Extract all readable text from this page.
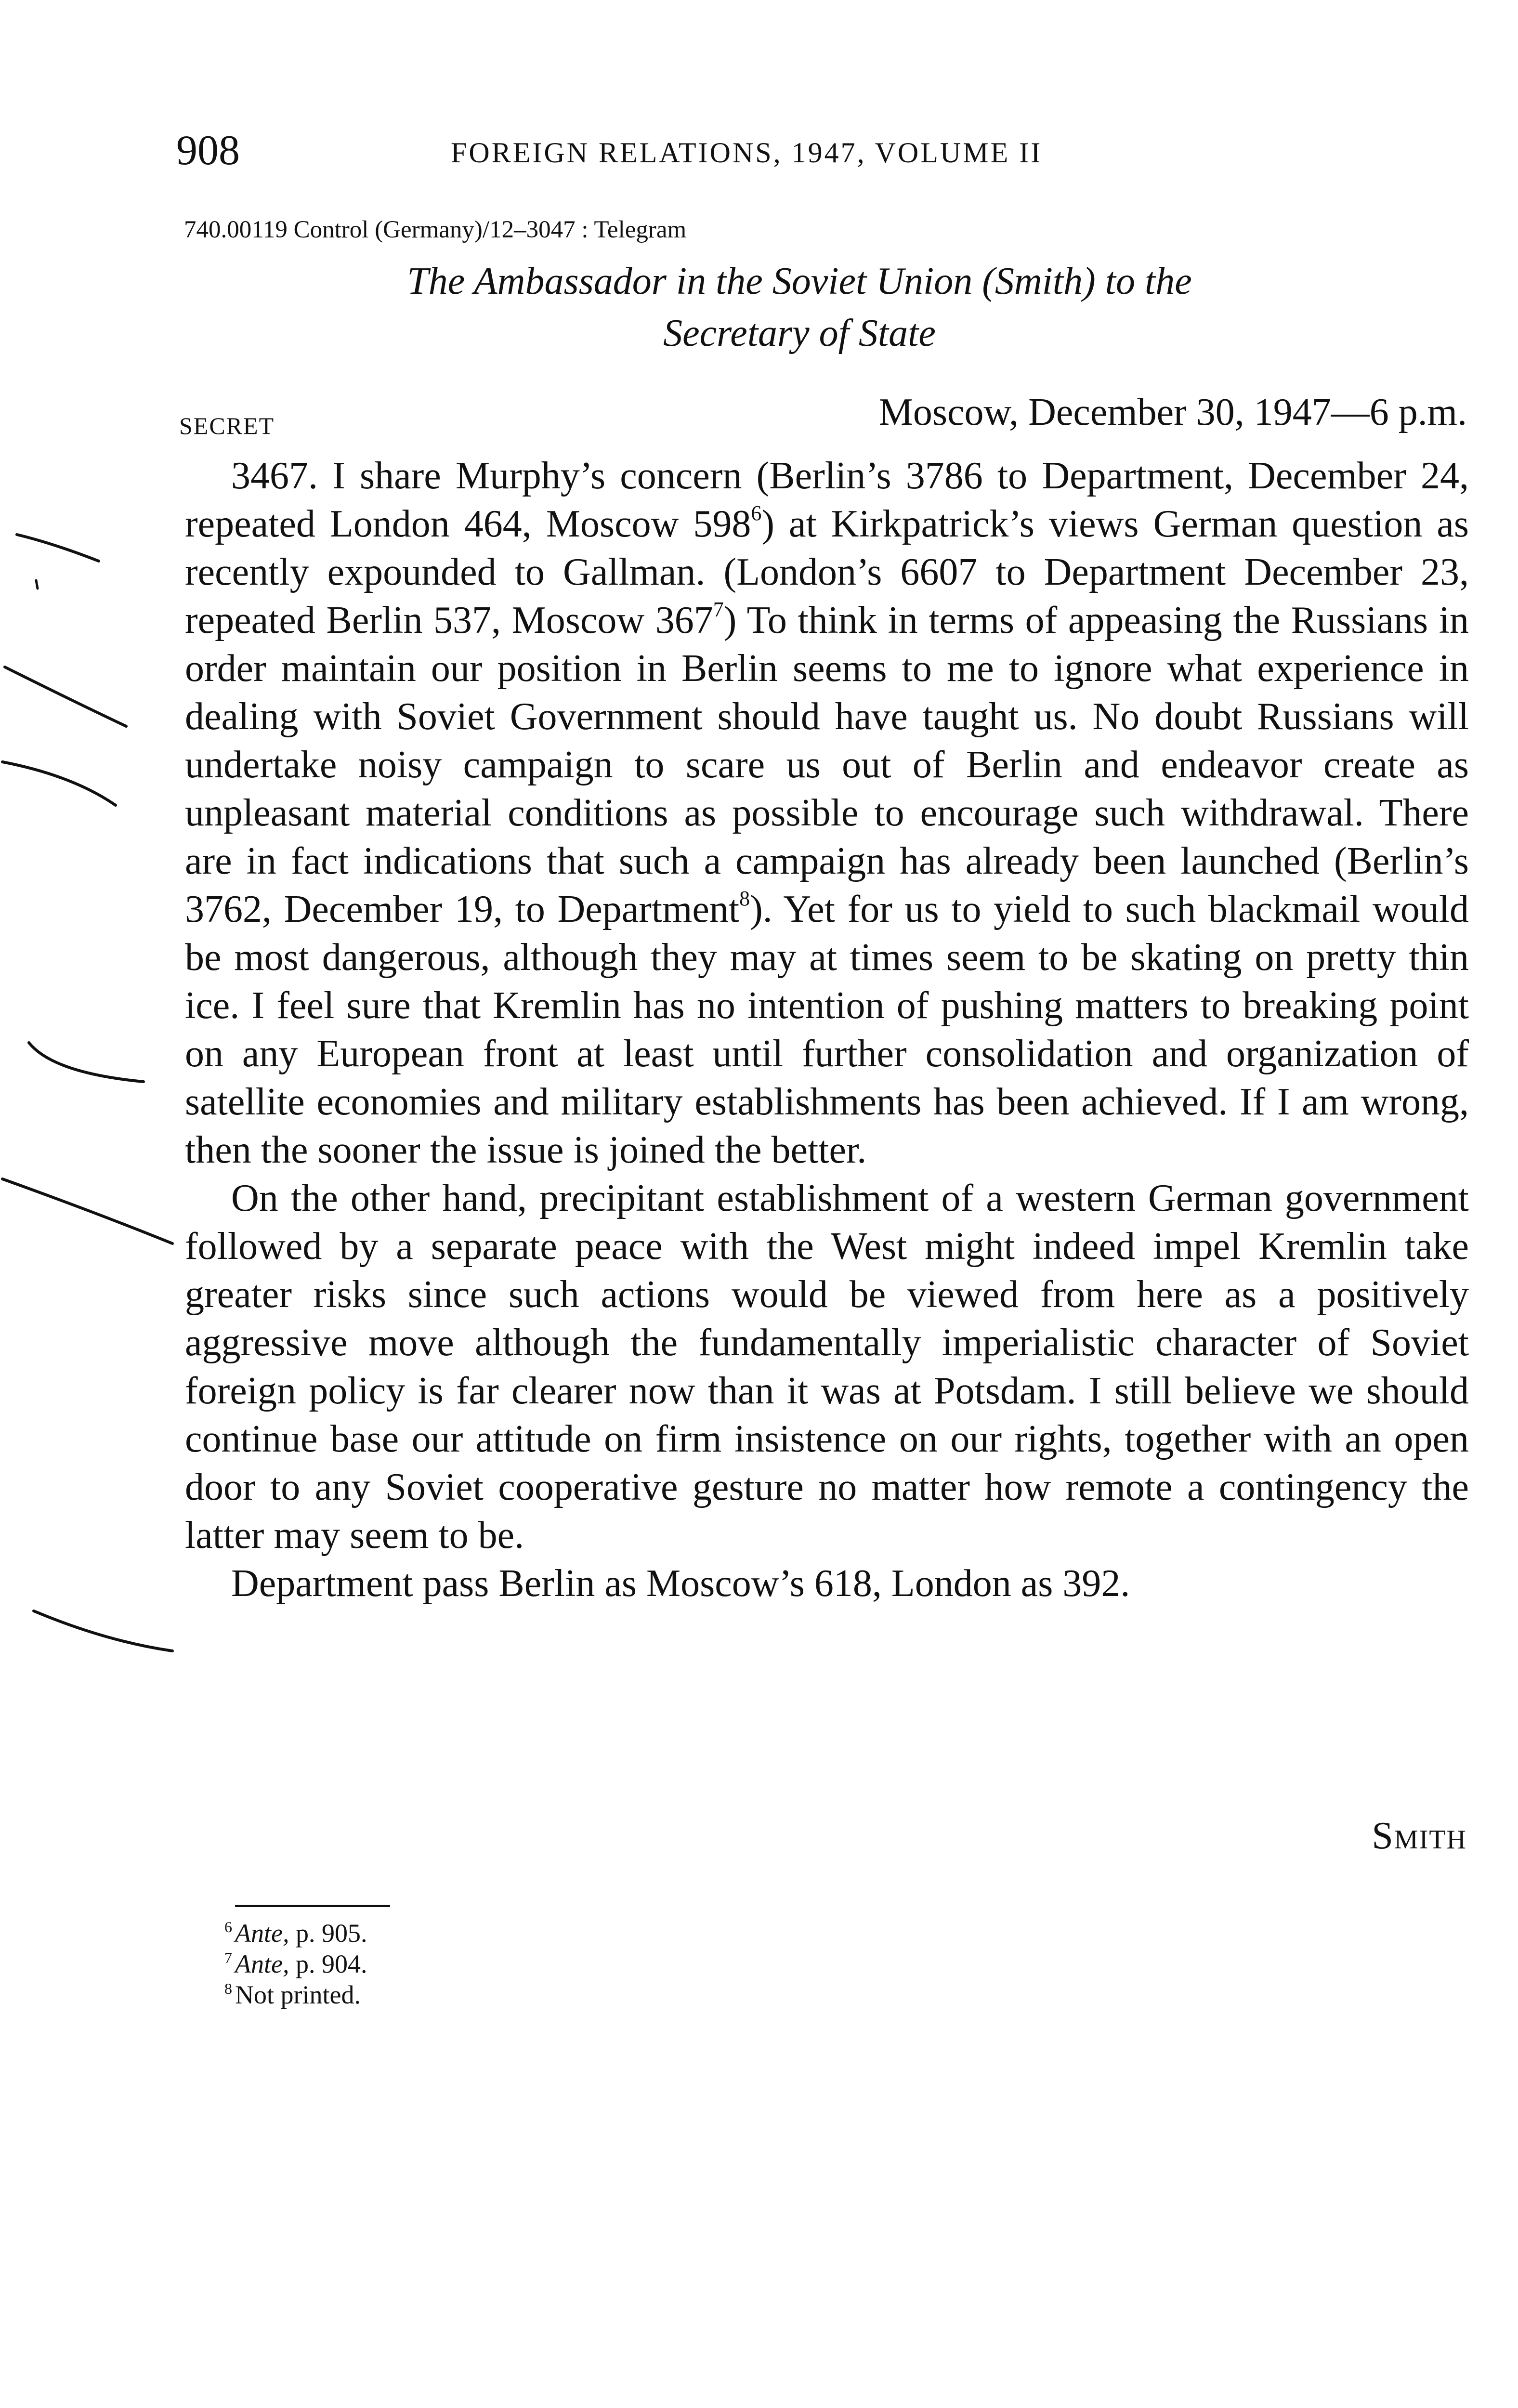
908	FOREIGN RELATIONS, 1947, VOLUME II
740.00119 Control (Germany)/12–3047 : Telegram
The Ambassador in the Soviet Union (Smith) to the
Secretary of State
SECRET	Moscow, December 30, 1947—6 p.m.

3467. I share Murphy’s concern (Berlin’s 3786 to Department, December 24, repeated London 464, Moscow 598$^6$) at Kirkpatrick’s views German question as recently expounded to Gallman. (London’s 6607 to Department December 23, repeated Berlin 537, Moscow 367$^7$) To think in terms of appeasing the Russians in order maintain our position in Berlin seems to me to ignore what experience in dealing with Soviet Government should have taught us. No doubt Russians will undertake noisy campaign to scare us out of Berlin and endeavor create as unpleasant material conditions as possible to encourage such withdrawal. There are in fact indications that such a campaign has already been launched (Berlin’s 3762, December 19, to Department$^8$). Yet for us to yield to such blackmail would be most dangerous, although they may at times seem to be skating on pretty thin ice. I feel sure that Kremlin has no intention of pushing matters to breaking point on any European front at least until further consolidation and organization of satellite economies and military establishments has been achieved. If I am wrong, then the sooner the issue is joined the better.

On the other hand, precipitant establishment of a western German government followed by a separate peace with the West might indeed impel Kremlin take greater risks since such actions would be viewed from here as a positively aggressive move although the fundamentally imperialistic character of Soviet foreign policy is far clearer now than it was at Potsdam. I still believe we should continue base our attitude on firm insistence on our rights, together with an open door to any Soviet cooperative gesture no matter how remote a contingency the latter may seem to be.

Department pass Berlin as Moscow’s 618, London as 392.

Smith
$^6$ Ante, p. 905.
$^7$ Ante, p. 904.
$^8$ Not printed.
